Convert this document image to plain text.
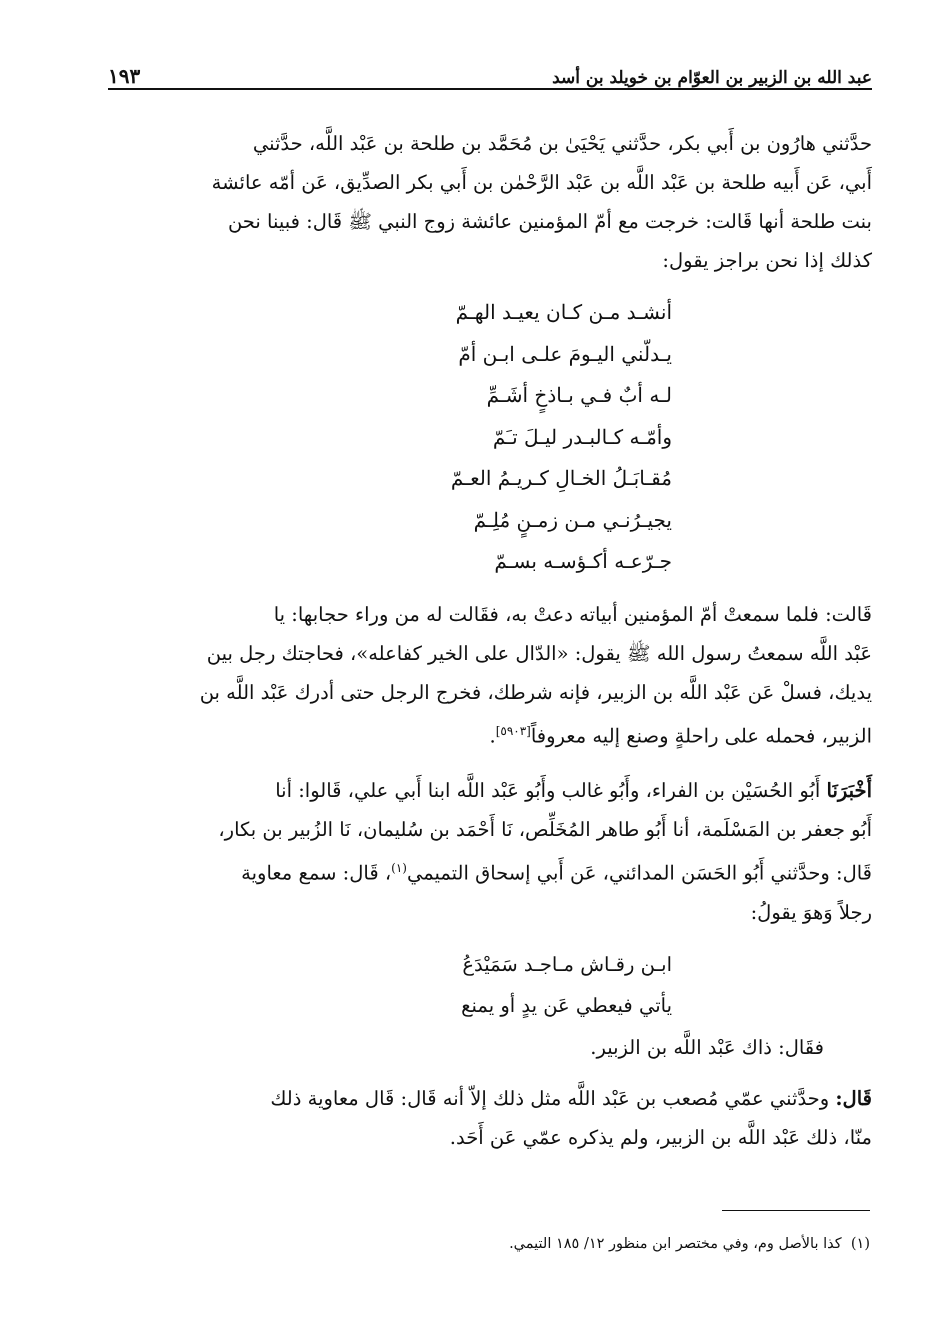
عبد الله بن الزبير بن العوّام بن خويلد بن أسد
١٩٣
حدَّثني هارُون بن أَبي بكر، حدَّثني يَحْيَىٰ بن مُحَمَّد بن طلحة بن عَبْد اللَّه، حدَّثني
أَبي، عَن أَبيه طلحة بن عَبْد اللَّه بن عَبْد الرَّحْمٰن بن أَبي بكر الصدِّيق، عَن أمّه عائشة
بنت طلحة أنها قَالت: خرجت مع أمّ المؤمنين عائشة زوج النبي ﷺ قَال: فبينا نحن
كذلك إذا نحن براجز يقول:
أنشـد مـن كـان يعيـد الهـمّ
يـدلّني اليـومَ علـى ابـن أمّ
لـه أبٌ فـي بـاذخٍ أشَـمِّ
وأمّـه كـالبـدر ليـلَ تـَمّ
مُقـابَـلُ الخـالِ كـريـمُ العـمّ
يجيـرُنـي مـن زمـنٍ مُلِـمّ
جـرّعـه أكـؤسـه بسـمّ
قَالت: فلما سمعتْ أمّ المؤمنين أبياته دعتْ به، فقَالت له من وراء حجابها: يا
عَبْد اللَّه سمعتُ رسول الله ﷺ يقول: «الدّال على الخير كفاعله»، فحاجتك رجل بين
يديك، فسلْ عَن عَبْد اللَّه بن الزبير، فإنه شرطك، فخرج الرجل حتى أدرك عَبْد اللَّه بن
الزبير، فحمله على راحلةٍ وصنع إليه معروفاً[٥٩٠٣].
أَخْبَرَنَا أَبُو الحُسَيْن بن الفراء، وأَبُو غالب وأَبُو عَبْد اللَّه ابنا أَبي علي، قَالوا: أنا
أَبُو جعفر بن المَسْلَمة، أنا أَبُو طاهر المُخَلِّص، نَا أَحْمَد بن سُليمان، نَا الزُبير بن بكار،
قَال: وحدَّثني أَبُو الحَسَن المدائني، عَن أَبي إسحاق التميمي$^{(١)}$، قَال: سمع معاوية
رجلاً وَهوَ يقولُ:
ابـن رقـاش مـاجـد سَمَيْدَعُ
يأتي فيعطي عَن يدٍ أو يمنع
فقَال: ذاك عَبْد اللَّه بن الزبير.
قَال: وحدَّثني عمّي مُصعب بن عَبْد اللَّه مثل ذلك إلاّ أنه قَال: قَال معاوية ذلك
منّا، ذلك عَبْد اللَّه بن الزبير، ولم يذكره عمّي عَن أَحَد.
(١)  كذا بالأصل وم، وفي مختصر ابن منظور ١٢/ ١٨٥ التيمي.
